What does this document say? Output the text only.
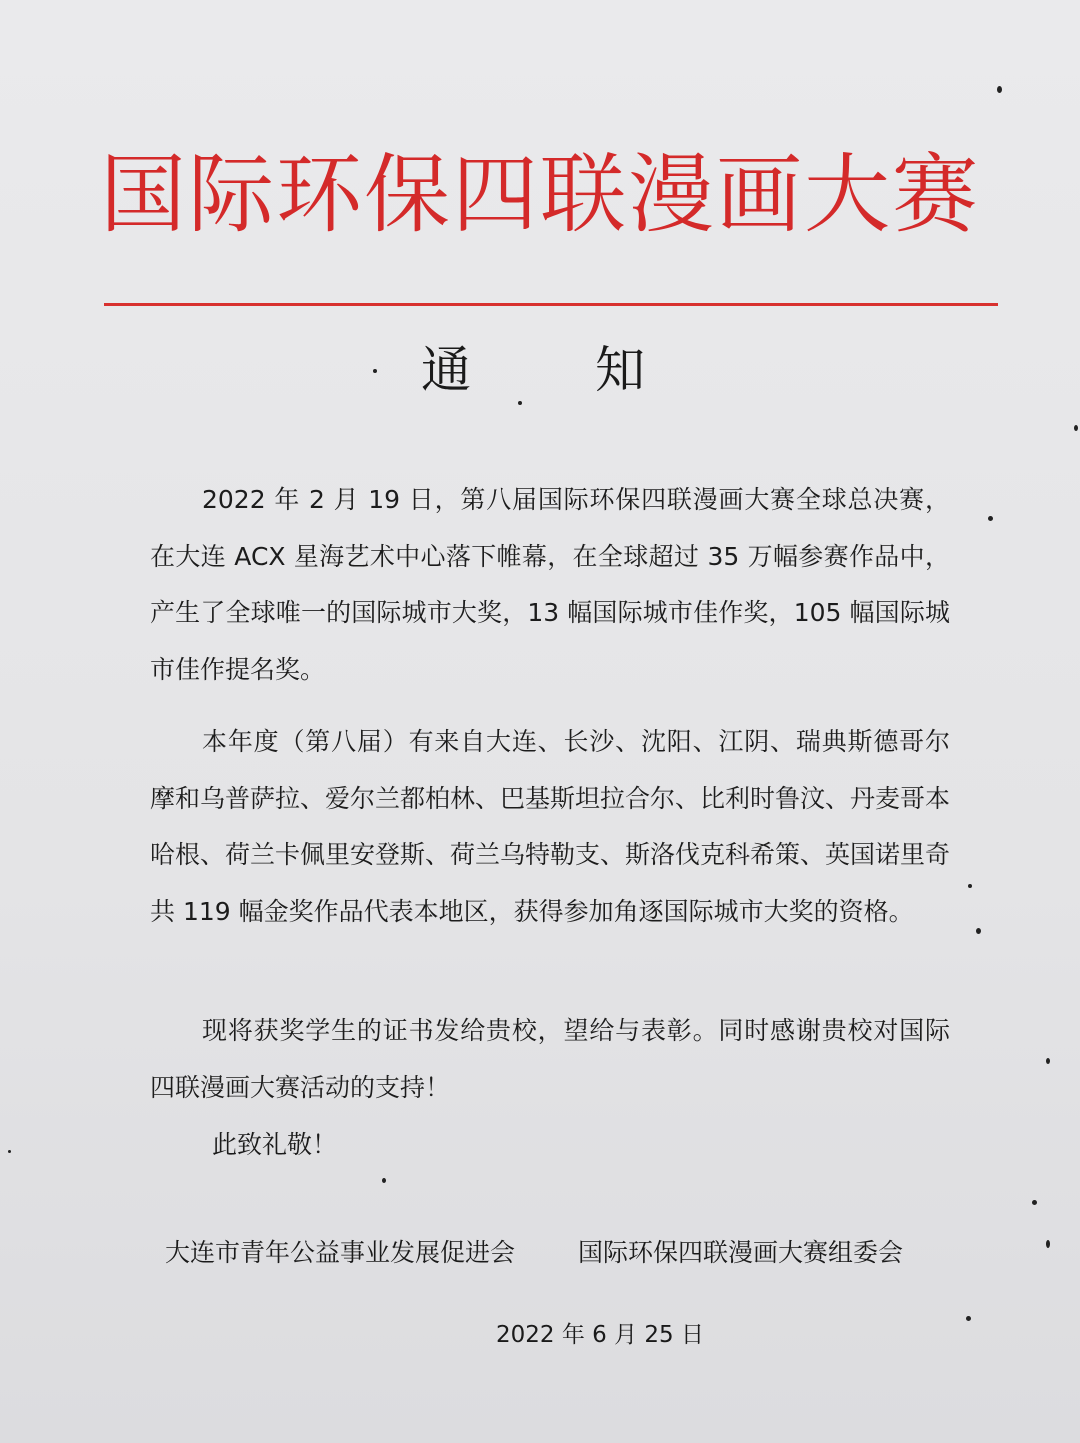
国际环保四联漫画大赛
通 知
2022 年 2 月 19 日，第八届国际环保四联漫画大赛全球总决赛，在大连 ACX 星海艺术中心落下帷幕，在全球超过 35 万幅参赛作品中，产生了全球唯一的国际城市大奖，13 幅国际城市佳作奖，105 幅国际城市佳作提名奖。
本年度（第八届）有来自大连、长沙、沈阳、江阴、瑞典斯德哥尔摩和乌普萨拉、爱尔兰都柏林、巴基斯坦拉合尔、比利时鲁汶、丹麦哥本哈根、荷兰卡佩里安登斯、荷兰乌特勒支、斯洛伐克科希策、英国诺里奇共 119 幅金奖作品代表本地区，获得参加角逐国际城市大奖的资格。
现将获奖学生的证书发给贵校，望给与表彰。同时感谢贵校对国际四联漫画大赛活动的支持！
此致礼敬！
大连市青年公益事业发展促进会	国际环保四联漫画大赛组委会
2022 年 6 月 25 日
